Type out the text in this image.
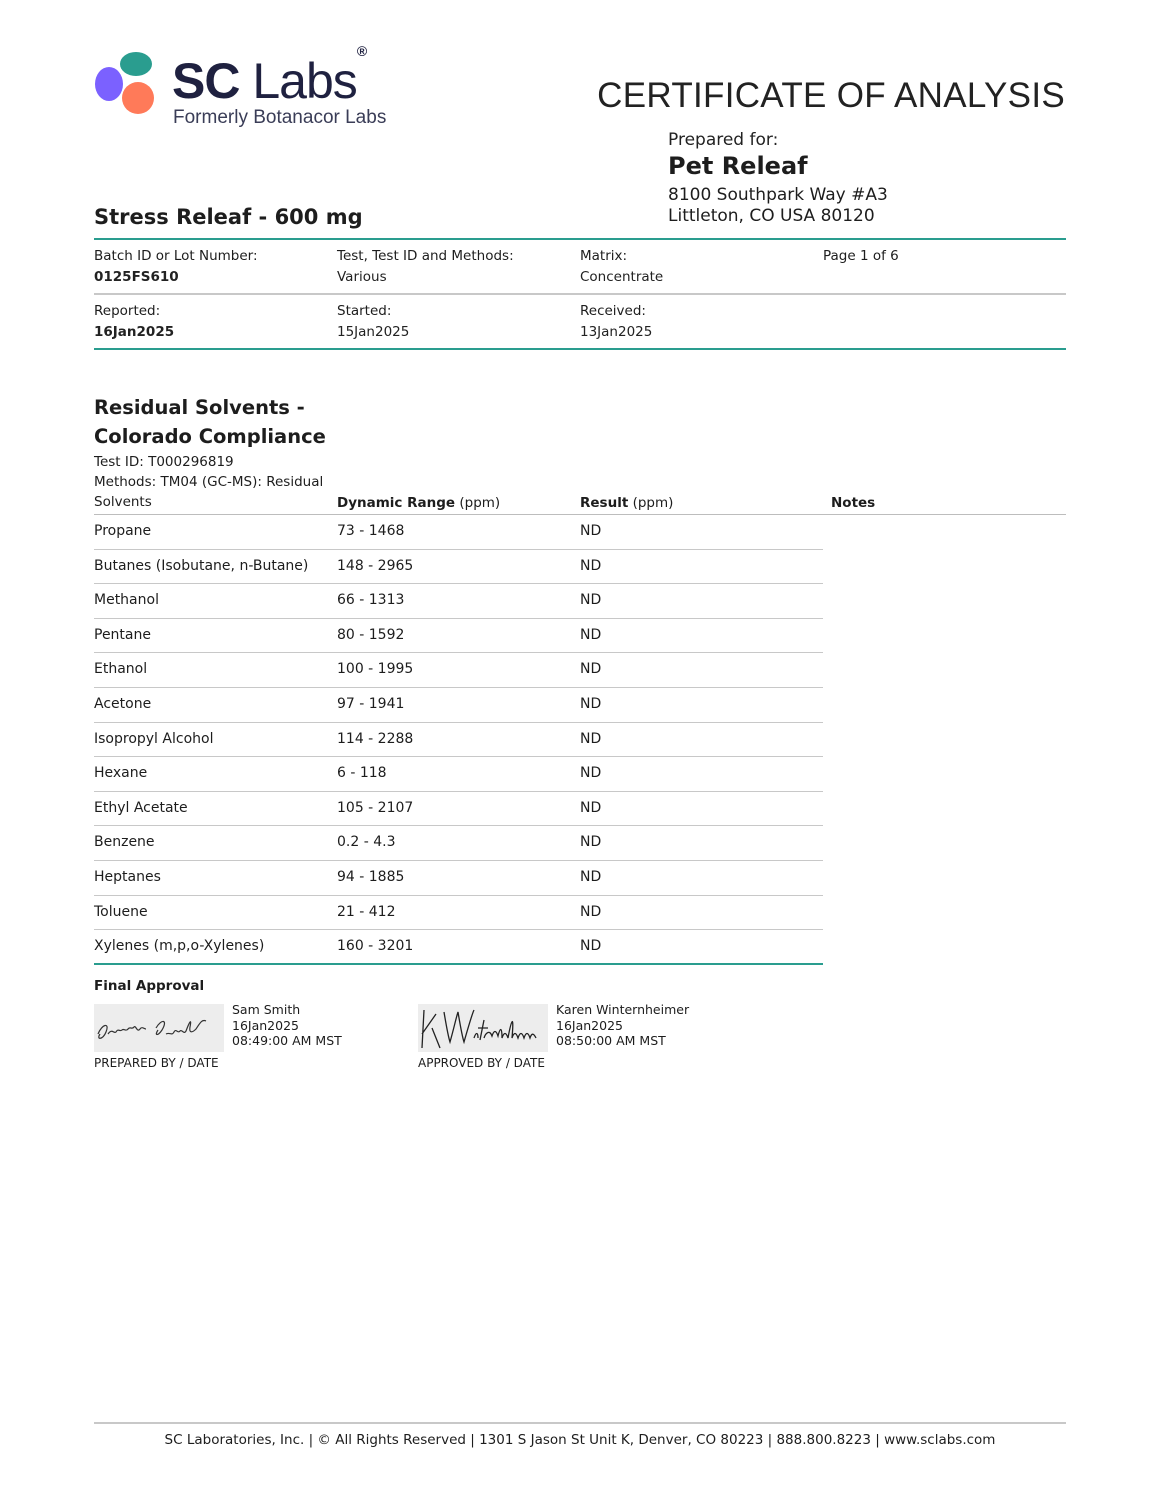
SC Labs®
Formerly Botanacor Labs
CERTIFICATE OF ANALYSIS
Prepared for:
Pet Releaf
8100 Southpark Way #A3
Littleton, CO USA 80120
Stress Releaf - 600 mg
Batch ID or Lot Number:
0125FS610
Test, Test ID and Methods:
Various
Matrix:
Concentrate
Page 1 of 6
Reported:
16Jan2025
Started:
15Jan2025
Received:
13Jan2025
Residual Solvents -
Colorado Compliance
Test ID: T000296819
Methods: TM04 (GC-MS): Residual
Solvents	Dynamic Range (ppm)	Result (ppm)	Notes
Propane	73 - 1468	ND
Butanes (Isobutane, n-Butane) 148 - 2965	ND
Methanol	66 - 1313	ND
Pentane	80 - 1592	ND
Ethanol	100 - 1995	ND
Acetone	97 - 1941	ND
Isopropyl Alcohol	114 - 2288	ND
Hexane	6 - 118	ND
Ethyl Acetate	105 - 2107	ND
Benzene	0.2 - 4.3	ND
Heptanes	94 - 1885	ND
Toluene	21 - 412	ND
Xylenes (m,p,o-Xylenes)	160 - 3201	ND
Final Approval
Sam Smith
16Jan2025
08:49:00 AM MST
PREPARED BY / DATE
Karen Winternheimer
16Jan2025
08:50:00 AM MST
APPROVED BY / DATE
SC Laboratories, Inc. | © All Rights Reserved | 1301 S Jason St Unit K, Denver, CO 80223 | 888.800.8223 | www.sclabs.com
